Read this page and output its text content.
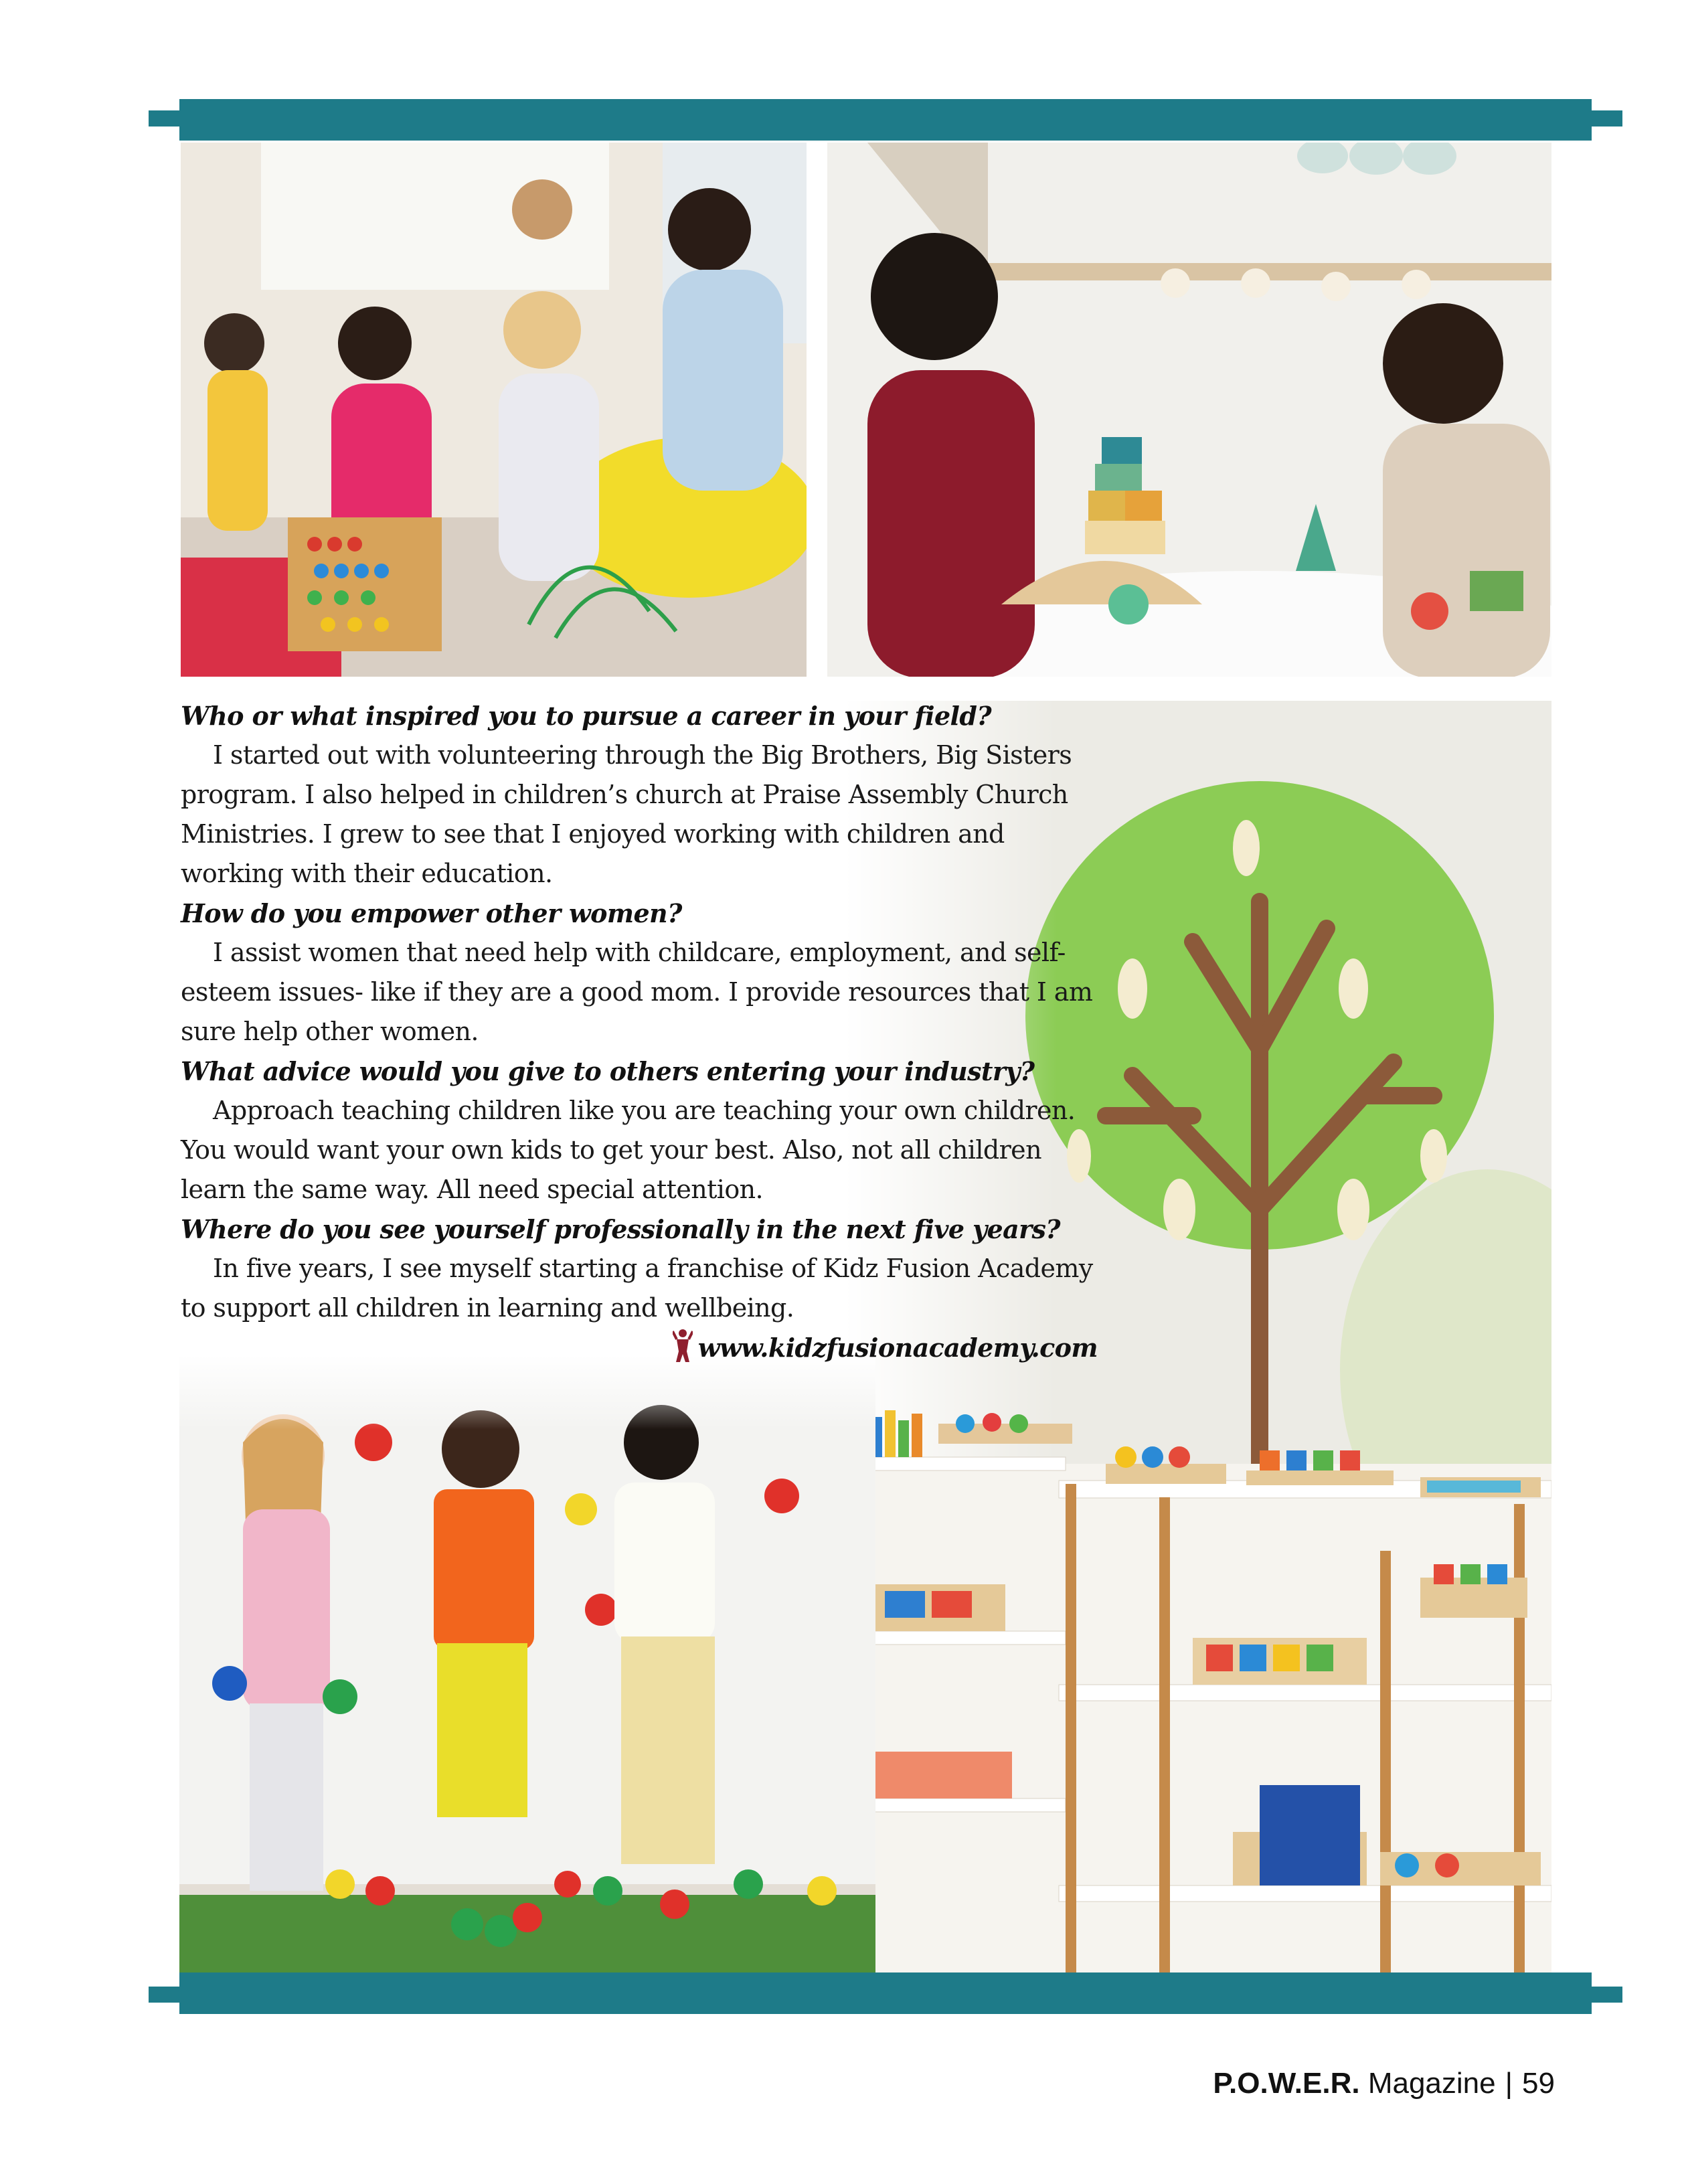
Who or what inspired you to pursue a career in your field?

I started out with volunteering through the Big Brothers, Big Sisters program. I also helped in children’s church at Praise Assembly Church Ministries. I grew to see that I enjoyed working with children and working with their education.

How do you empower other women?

I assist women that need help with childcare, employment, and self-esteem issues- like if they are a good mom. I provide resources that I am sure help other women.

What advice would you give to others entering your industry?

Approach teaching children like you are teaching your own children. You would want your own kids to get your best. Also, not all children learn the same way. All need special attention.

Where do you see yourself professionally in the next five years?

In five years, I see myself starting a franchise of Kidz Fusion Academy to support all children in learning and wellbeing.

www.kidzfusionacademy.com
P.O.W.E.R. Magazine | 59
